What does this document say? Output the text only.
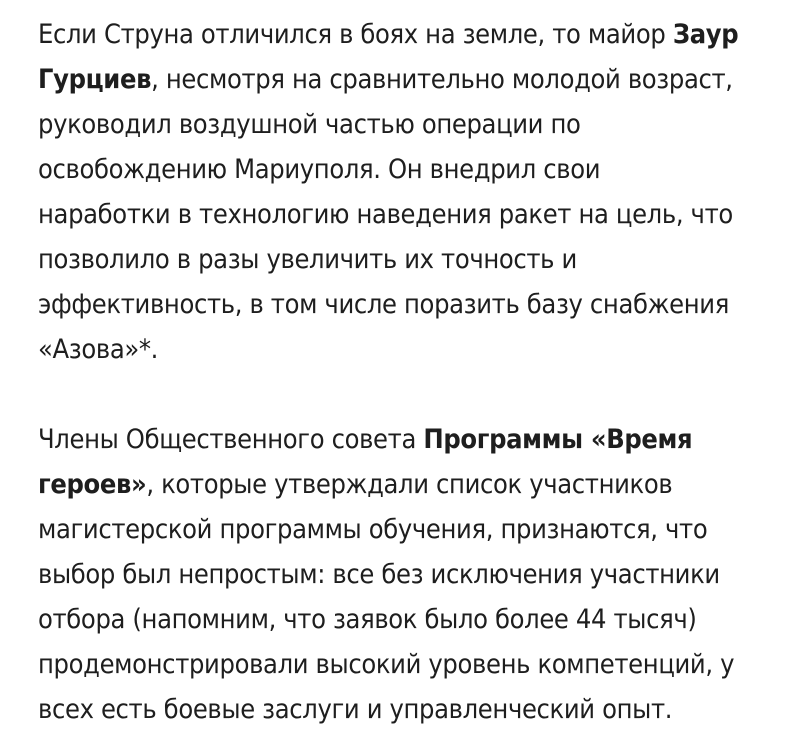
Если Струна отличился в боях на земле, то майор Заур
Гурциев, несмотря на сравнительно молодой возраст,
руководил воздушной частью операции по
освобождению Мариуполя. Он внедрил свои
наработки в технологию наведения ракет на цель, что
позволило в разы увеличить их точность и
эффективность, в том числе поразить базу снабжения
«Азова»*.

Члены Общественного совета Программы «Время
героев», которые утверждали список участников
магистерской программы обучения, признаются, что
выбор был непростым: все без исключения участники
отбора (напомним, что заявок было более 44 тысяч)
продемонстрировали высокий уровень компетенций, у
всех есть боевые заслуги и управленческий опыт.
